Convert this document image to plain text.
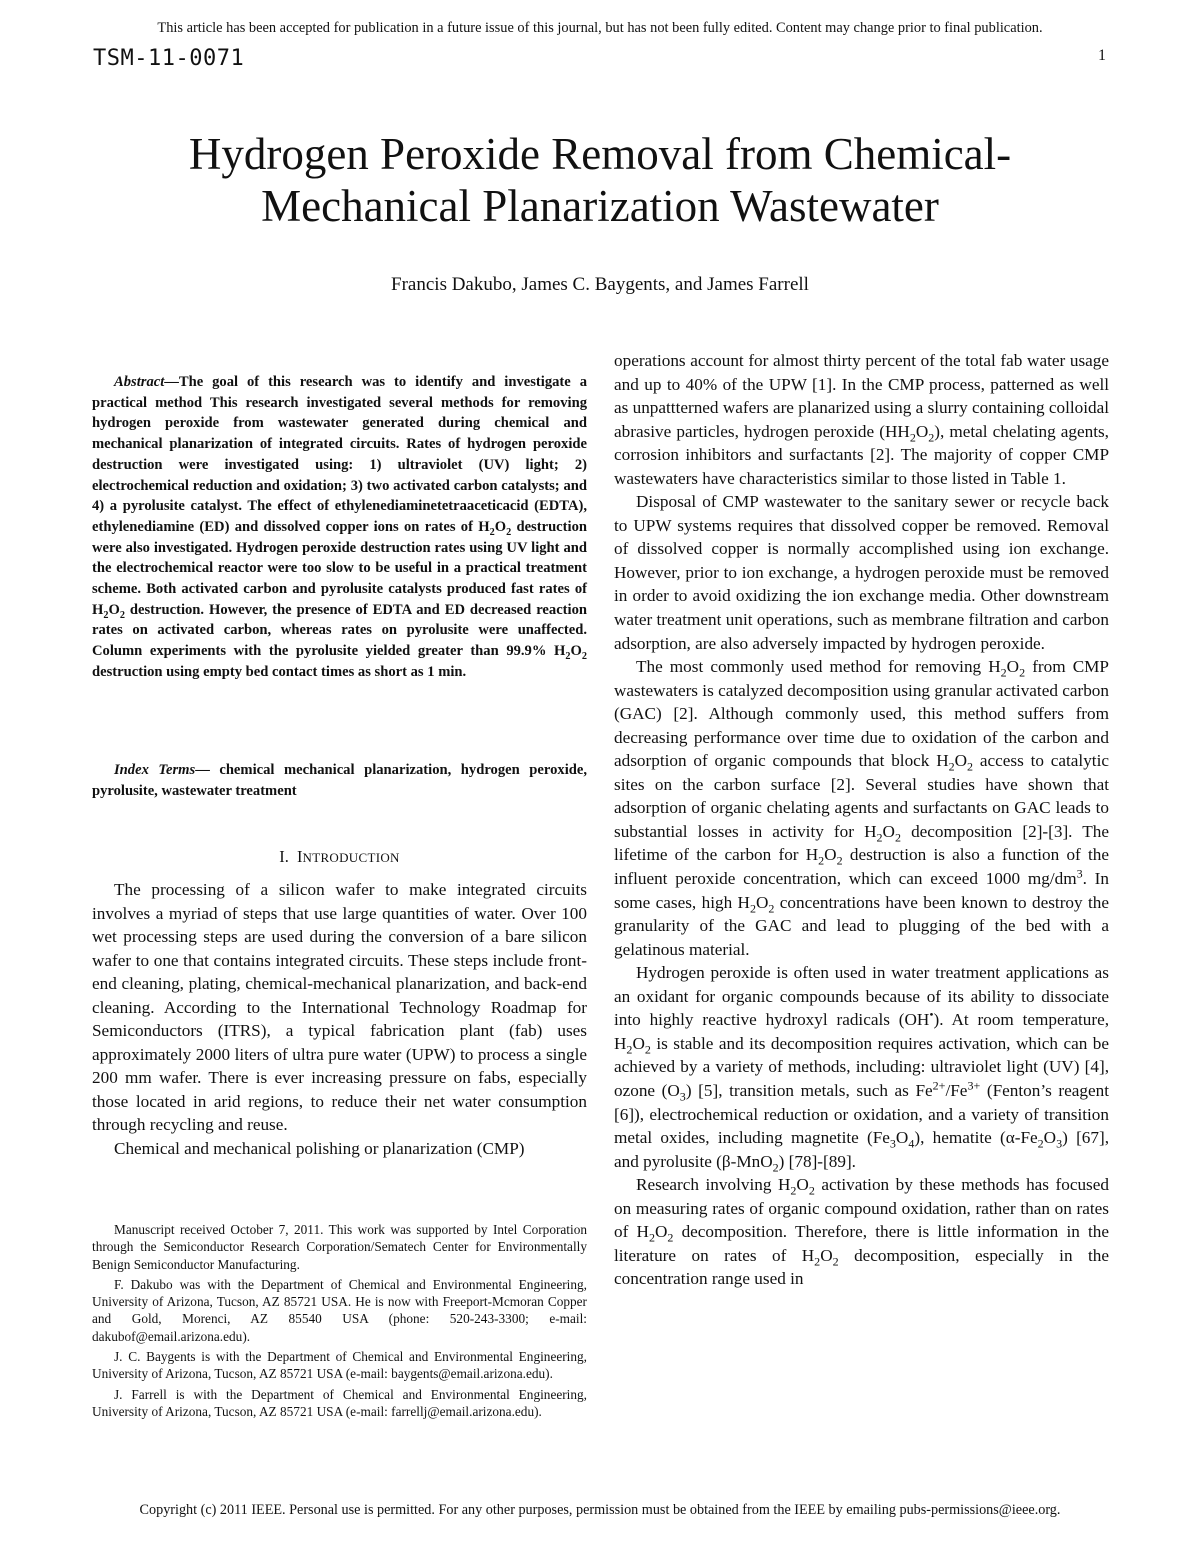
This article has been accepted for publication in a future issue of this journal, but has not been fully edited. Content may change prior to final publication.
TSM-11-0071	1
Hydrogen Peroxide Removal from Chemical-
Mechanical Planarization Wastewater
Francis Dakubo, James C. Baygents, and James Farrell
Abstract—The goal of this research was to identify and investigate a practical method This research investigated several methods for removing hydrogen peroxide from wastewater generated during chemical and mechanical planarization of integrated circuits. Rates of hydrogen peroxide destruction were investigated using: 1) ultraviolet (UV) light; 2) electrochemical reduction and oxidation; 3) two activated carbon catalysts; and 4) a pyrolusite catalyst. The effect of ethylenediaminetetraaceticacid (EDTA), ethylenediamine (ED) and dissolved copper ions on rates of $H_2O_2$ destruction were also investigated. Hydrogen peroxide destruction rates using UV light and the electrochemical reactor were too slow to be useful in a practical treatment scheme. Both activated carbon and pyrolusite catalysts produced fast rates of $H_2O_2$ destruction. However, the presence of EDTA and ED decreased reaction rates on activated carbon, whereas rates on pyrolusite were unaffected. Column experiments with the pyrolusite yielded greater than 99.9% $H_2O_2$ destruction using empty bed contact times as short as 1 min.
Index Terms— chemical mechanical planarization, hydrogen peroxide, pyrolusite, wastewater treatment
I. INTRODUCTION

The processing of a silicon wafer to make integrated circuits involves a myriad of steps that use large quantities of water. Over 100 wet processing steps are used during the conversion of a bare silicon wafer to one that contains integrated circuits. These steps include front-end cleaning, plating, chemical-mechanical planarization, and back-end cleaning. According to the International Technology Roadmap for Semiconductors (ITRS), a typical fabrication plant (fab) uses approximately 2000 liters of ultra pure water (UPW) to process a single 200 mm wafer. There is ever increasing pressure on fabs, especially those located in arid regions, to reduce their net water consumption through recycling and reuse.

Chemical and mechanical polishing or planarization (CMP)

Manuscript received October 7, 2011. This work was supported by Intel Corporation through the Semiconductor Research Corporation/Sematech Center for Environmentally Benign Semiconductor Manufacturing.

F. Dakubo was with the Department of Chemical and Environmental Engineering, University of Arizona, Tucson, AZ 85721 USA. He is now with Freeport-Mcmoran Copper and Gold, Morenci, AZ 85540 USA (phone: 520-243-3300; e-mail: dakubof@email.arizona.edu).

J. C. Baygents is with the Department of Chemical and Environmental Engineering, University of Arizona, Tucson, AZ 85721 USA (e-mail: baygents@email.arizona.edu).

J. Farrell is with the Department of Chemical and Environmental Engineering, University of Arizona, Tucson, AZ 85721 USA (e-mail: farrellj@email.arizona.edu).

operations account for almost thirty percent of the total fab water usage and up to 40% of the UPW [1]. In the CMP process, patterned as well as unpattterned wafers are planarized using a slurry containing colloidal abrasive particles, hydrogen peroxide $(HH_2O_2)$, metal chelating agents, corrosion inhibitors and surfactants [2]. The majority of copper CMP wastewaters have characteristics similar to those listed in Table 1.

Disposal of CMP wastewater to the sanitary sewer or recycle back to UPW systems requires that dissolved copper be removed. Removal of dissolved copper is normally accomplished using ion exchange. However, prior to ion exchange, a hydrogen peroxide must be removed in order to avoid oxidizing the ion exchange media. Other downstream water treatment unit operations, such as membrane filtration and carbon adsorption, are also adversely impacted by hydrogen peroxide.

The most commonly used method for removing $H_2O_2$ from CMP wastewaters is catalyzed decomposition using granular activated carbon (GAC) [2]. Although commonly used, this method suffers from decreasing performance over time due to oxidation of the carbon and adsorption of organic compounds that block $H_2O_2$ access to catalytic sites on the carbon surface [2]. Several studies have shown that adsorption of organic chelating agents and surfactants on GAC leads to substantial losses in activity for $H_2O_2$ decomposition [2]-[3]. The lifetime of the carbon for $H_2O_2$ destruction is also a function of the influent peroxide concentration, which can exceed 1000 $mg/dm^3$. In some cases, high $H_2O_2$ concentrations have been known to destroy the granularity of the GAC and lead to plugging of the bed with a gelatinous material.

Hydrogen peroxide is often used in water treatment applications as an oxidant for organic compounds because of its ability to dissociate into highly reactive hydroxyl radicals (OH•). At room temperature, $H_2O_2$ is stable and its decomposition requires activation, which can be achieved by a variety of methods, including: ultraviolet light (UV) [4], ozone $(O_3)$ [5], transition metals, such as $Fe^{2+}/Fe^{3+}$ (Fenton’s reagent [6]), electrochemical reduction or oxidation, and a variety of transition metal oxides, including magnetite $(Fe_3O_4)$, hematite $(\alpha-Fe_2O_3)$ [67], and pyrolusite (β-MnO$_2$) [78]-[89].

Research involving $H_2O_2$ activation by these methods has focused on measuring rates of organic compound oxidation, rather than on rates of $H_2O_2$ decomposition. Therefore, there is little information in the literature on rates of $H_2O_2$ decomposition, especially in the concentration range used in

Copyright (c) 2011 IEEE. Personal use is permitted. For any other purposes, permission must be obtained from the IEEE by emailing pubs-permissions@ieee.org.
